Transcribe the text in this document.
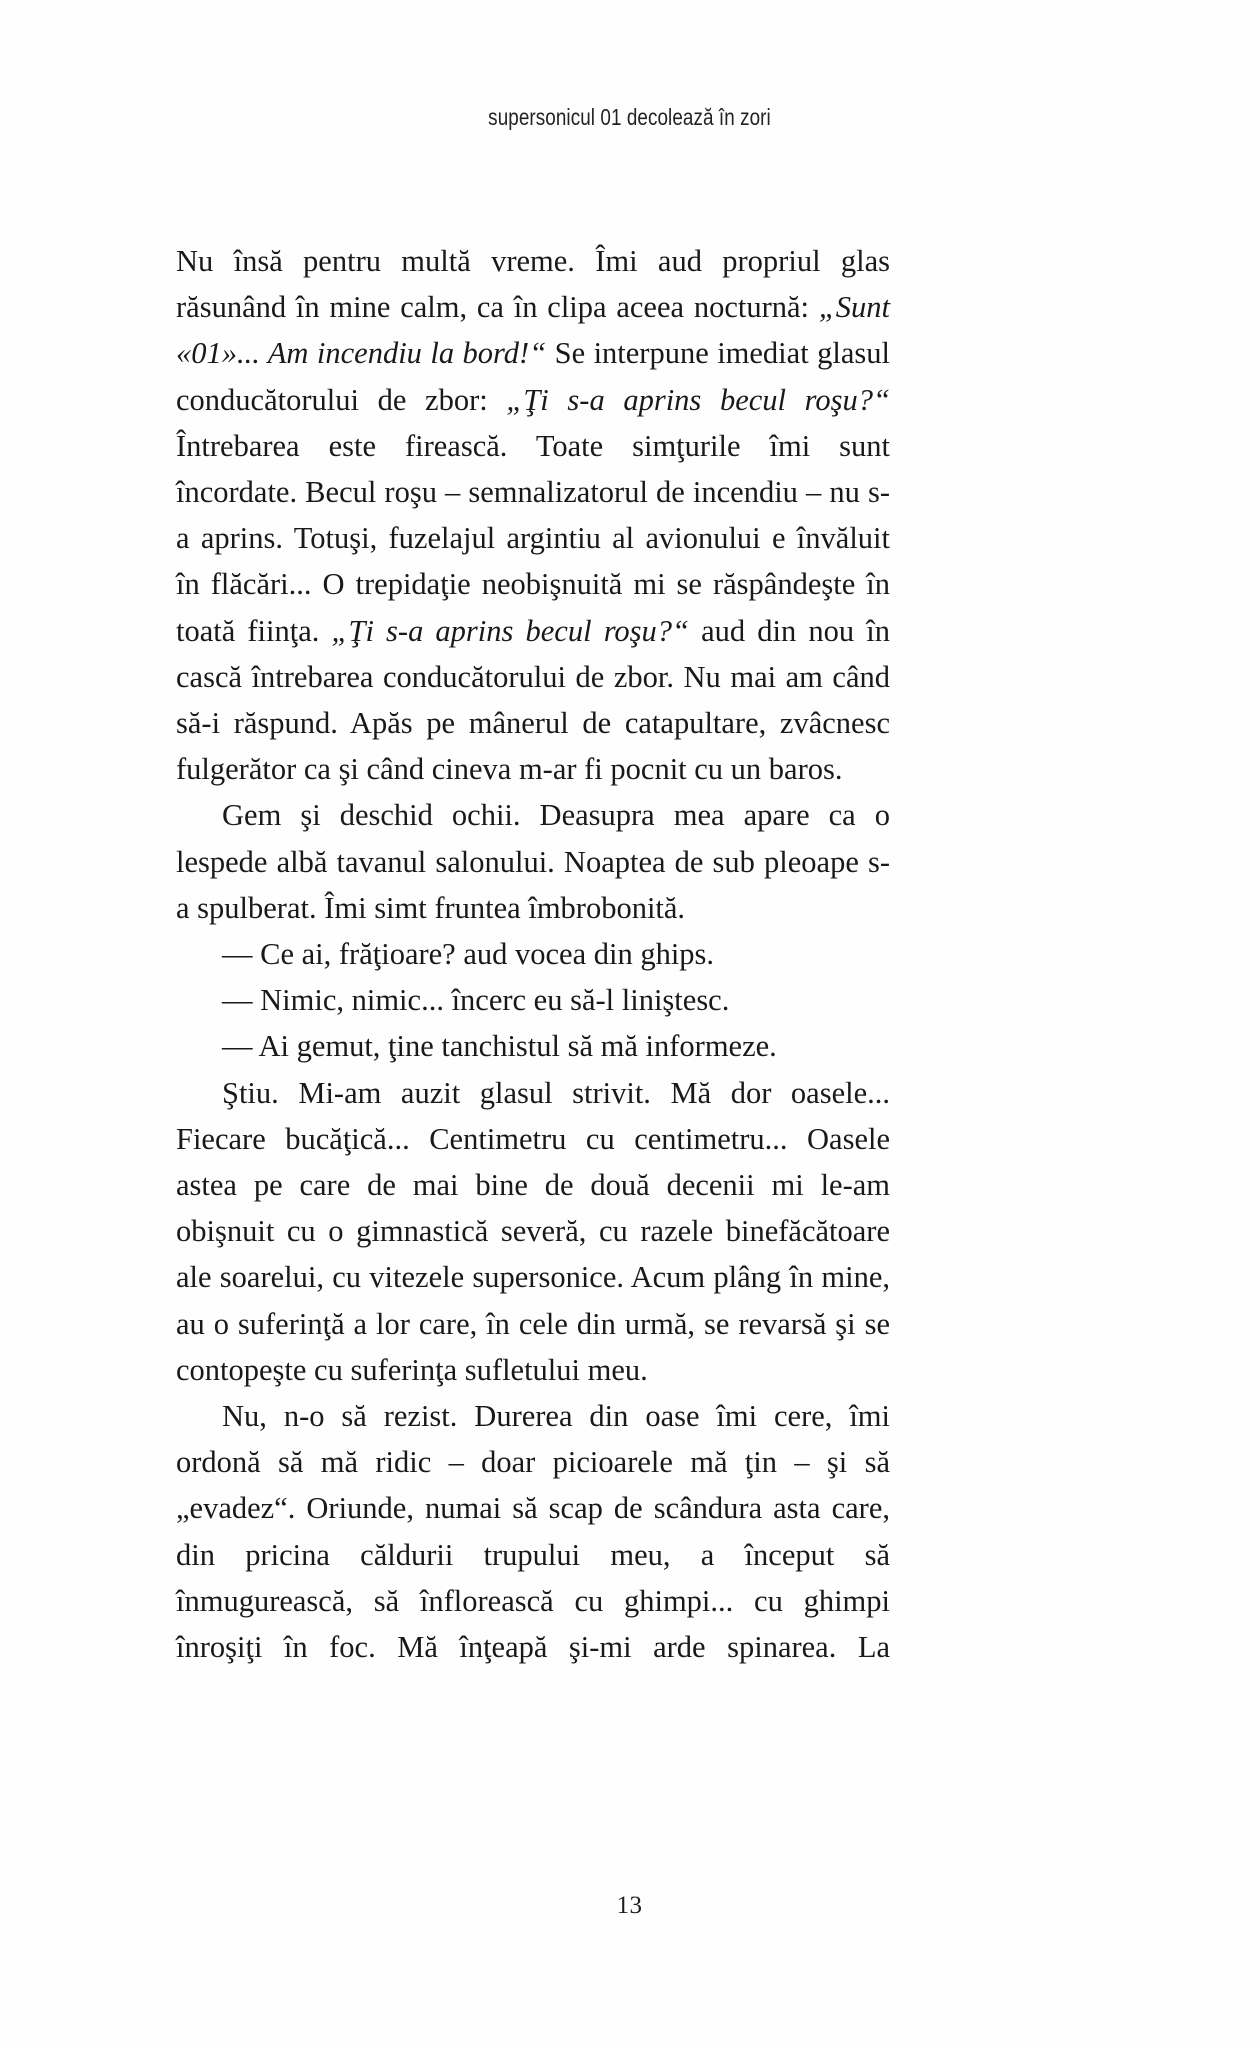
supersonicul 01 decolează în zori

Nu însă pentru multă vreme. Îmi aud propriul glas răsunând în mine calm, ca în clipa aceea nocturnă: „Sunt «01»... Am incendiu la bord!“ Se interpune imediat glasul conducătorului de zbor: „Ţi s-a aprins becul roşu?“ Întrebarea este firească. Toate simţurile îmi sunt încordate. Becul roşu – semnalizatorul de incendiu – nu s-a aprins. Totuşi, fuzelajul argintiu al avionului e învăluit în flăcări... O trepidaţie neobişnuită mi se răspândeşte în toată fiinţa. „Ţi s-a aprins becul roşu?“ aud din nou în cască întrebarea conducătorului de zbor. Nu mai am când să-i răspund. Apăs pe mânerul de catapultare, zvâcnesc fulgerător ca şi când cineva m-ar fi pocnit cu un baros.

Gem şi deschid ochii. Deasupra mea apare ca o lespede albă tavanul salonului. Noaptea de sub pleoape s-a spulberat. Îmi simt fruntea îmbrobonită.

— Ce ai, frăţioare? aud vocea din ghips.

— Nimic, nimic... încerc eu să-l liniştesc.

— Ai gemut, ţine tanchistul să mă informeze.

Ştiu. Mi-am auzit glasul strivit. Mă dor oasele... Fiecare bucăţică... Centimetru cu centimetru... Oasele astea pe care de mai bine de două decenii mi le-am obişnuit cu o gimnastică severă, cu razele binefăcătoare ale soarelui, cu vitezele supersonice. Acum plâng în mine, au o suferinţă a lor care, în cele din urmă, se revarsă şi se contopeşte cu suferinţa sufletului meu.

Nu, n-o să rezist. Durerea din oase îmi cere, îmi ordonă să mă ridic – doar picioarele mă ţin – şi să „evadez“. Oriunde, numai să scap de scândura asta care, din pricina căldurii trupului meu, a început să înmugurească, să înflorească cu ghimpi... cu ghimpi înroşiţi în foc. Mă înţeapă şi-mi arde spinarea. La

13
